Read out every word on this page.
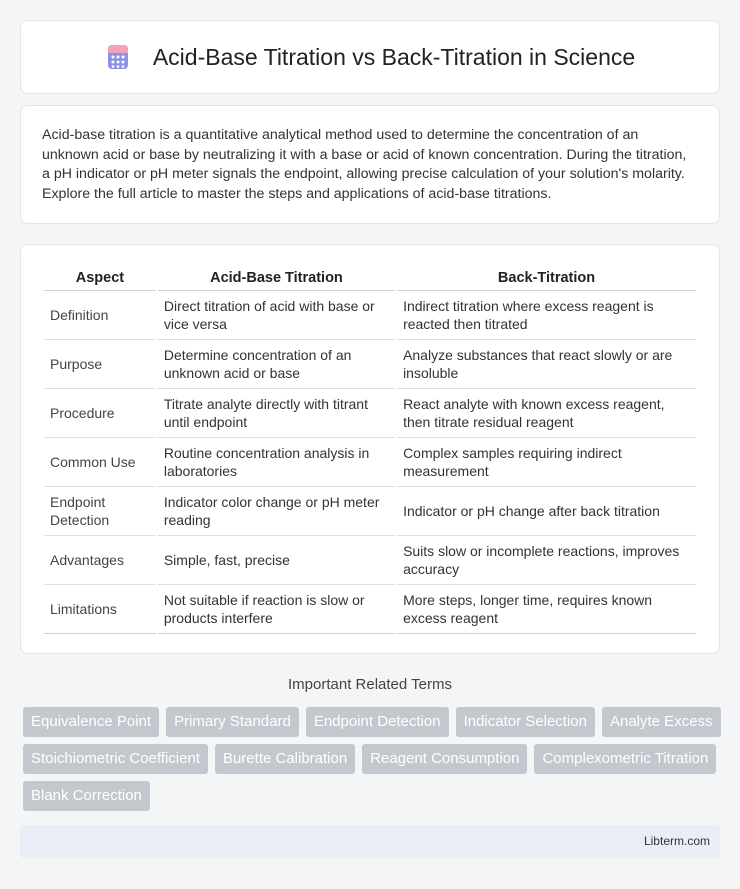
Acid-Base Titration vs Back-Titration in Science

Acid-base titration is a quantitative analytical method used to determine the concentration of an unknown acid or base by neutralizing it with a base or acid of known concentration. During the titration, a pH indicator or pH meter signals the endpoint, allowing precise calculation of your solution's molarity. Explore the full article to master the steps and applications of acid-base titrations.

Aspect	Acid-Base Titration	Back-Titration
Definition	Direct titration of acid with base or vice versa	Indirect titration where excess reagent is reacted then titrated
Purpose	Determine concentration of an unknown acid or base	Analyze substances that react slowly or are insoluble
Procedure	Titrate analyte directly with titrant until endpoint	React analyte with known excess reagent, then titrate residual reagent
Common Use	Routine concentration analysis in laboratories	Complex samples requiring indirect measurement
Endpoint Detection	Indicator color change or pH meter reading	Indicator or pH change after back titration
Advantages	Simple, fast, precise	Suits slow or incomplete reactions, improves accuracy
Limitations	Not suitable if reaction is slow or products interfere	More steps, longer time, requires known excess reagent
Important Related Terms
Equivalence Point	Primary Standard	Endpoint Detection	Indicator Selection	Analyte Excess
Stoichiometric Coefficient	Burette Calibration	Reagent Consumption	Complexometric Titration
Blank Correction
Libterm.com
